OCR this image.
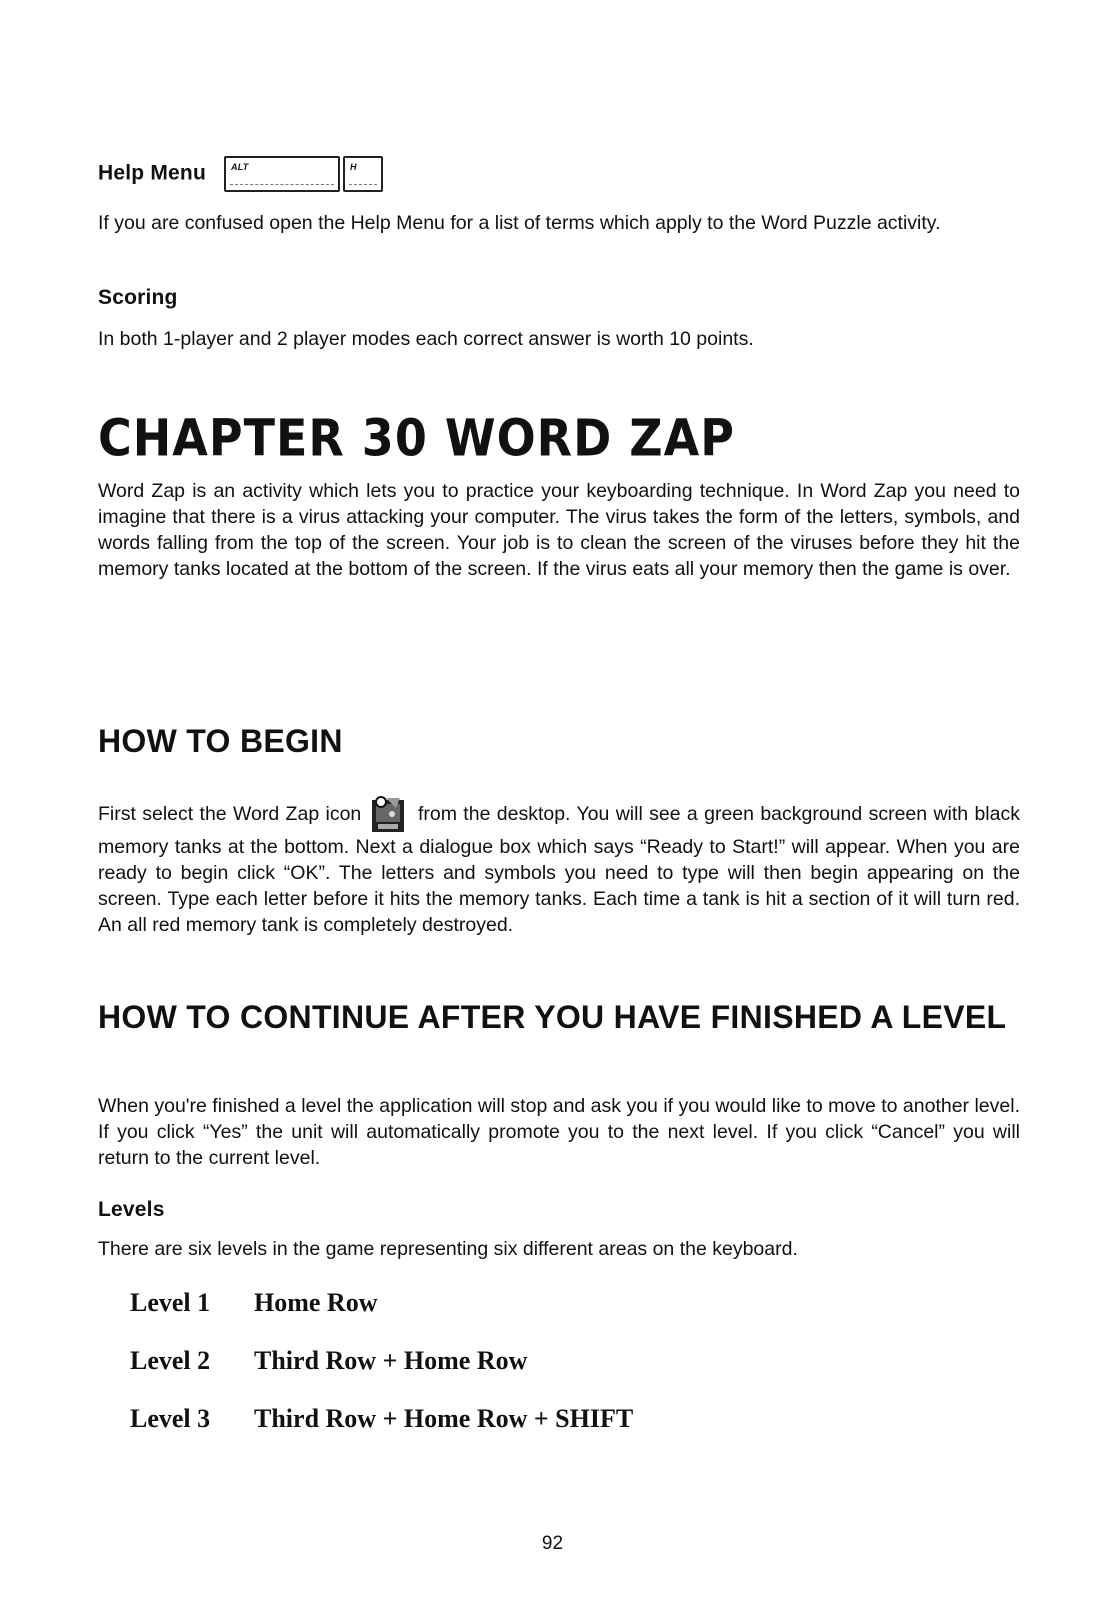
Help Menu	ALT	H

If you are confused open the Help Menu for a list of terms which apply to the Word Puzzle activity.

Scoring

In both 1-player and 2 player modes each correct answer is worth 10 points.

CHAPTER 30 WORD ZAP

Word Zap is an activity which lets you to practice your keyboarding technique. In Word Zap you need to imagine that there is a virus attacking your computer. The virus takes the form of the letters, symbols, and words falling from the top of the screen. Your job is to clean the screen of the viruses before they hit the memory tanks located at the bottom of the screen. If the virus eats all your memory then the game is over.

HOW TO BEGIN

First select the Word Zap icon	from the desktop. You will see a green background screen with black memory tanks at the bottom. Next a dialogue box which says “Ready to Start!” will appear. When you are ready to begin click “OK”. The letters and symbols you need to type will then begin appearing on the screen. Type each letter before it hits the memory tanks. Each time a tank is hit a section of it will turn red. An all red memory tank is completely destroyed.

HOW TO CONTINUE AFTER YOU HAVE FINISHED A LEVEL

When you're finished a level the application will stop and ask you if you would like to move to another level. If you click “Yes” the unit will automatically promote you to the next level. If you click “Cancel” you will return to the current level.

Levels

There are six levels in the game representing six different areas on the keyboard.

Level 1 Home Row
Level 2 Third Row + Home Row
Level 3 Third Row + Home Row + SHIFT
92
